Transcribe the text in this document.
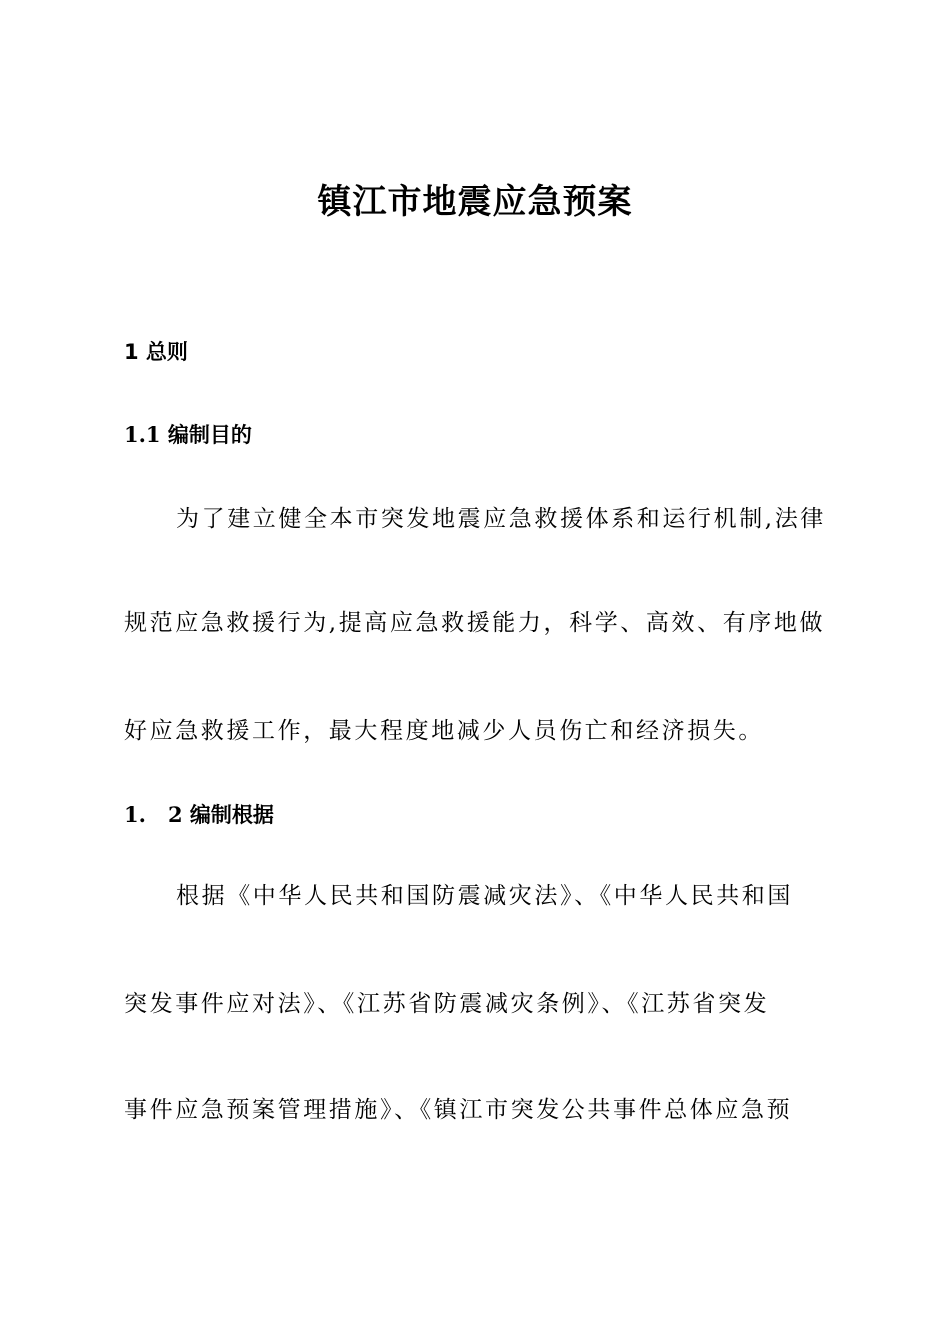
镇江市地震应急预案
1 总则
1.1 编制目的

为了建立健全本市突发地震应急救援体系和运行机制,法律

规范应急救援行为,提高应急救援能力，科学、高效、有序地做

好应急救援工作，最大程度地减少人员伤亡和经济损失。

1. 2 编制根据

根据《中华人民共和国防震减灾法》、《中华人民共和国

突发事件应对法》、《江苏省防震减灾条例》、《江苏省突发

事件应急预案管理措施》、《镇江市突发公共事件总体应急预
